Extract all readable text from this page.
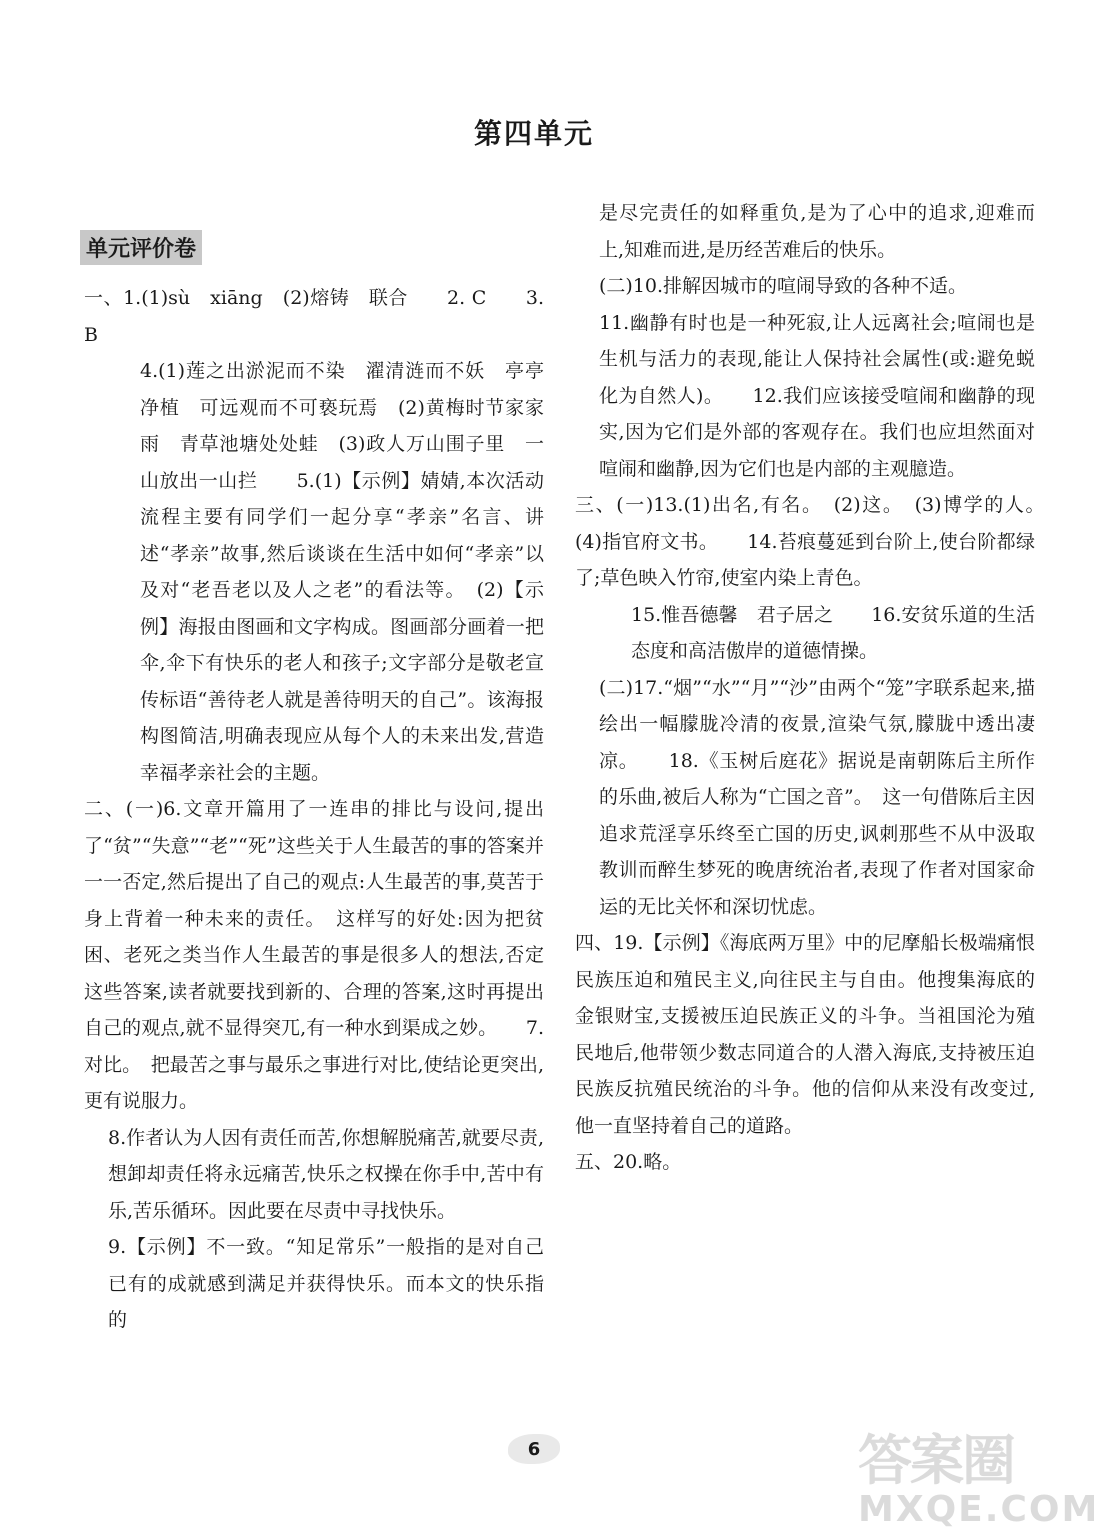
第四单元
单元评价卷

一、1.(1)sù　xiāng　(2)熔铸　联合　　2. C　　3. B

4.(1)莲之出淤泥而不染　濯清涟而不妖　亭亭净植　可远观而不可亵玩焉　(2)黄梅时节家家雨　青草池塘处处蛙　(3)政人万山围子里　一山放出一山拦　　5.(1)【示例】婧婧,本次活动流程主要有同学们一起分享“孝亲”名言、讲述“孝亲”故事,然后谈谈在生活中如何“孝亲”以及对“老吾老以及人之老”的看法等。　(2)【示例】海报由图画和文字构成。图画部分画着一把伞,伞下有快乐的老人和孩子;文字部分是敬老宣传标语“善待老人就是善待明天的自己”。该海报构图简洁,明确表现应从每个人的未来出发,营造幸福孝亲社会的主题。

二、(一)6.文章开篇用了一连串的排比与设问,提出了“贫”“失意”“老”“死”这些关于人生最苦的事的答案并一一否定,然后提出了自己的观点:人生最苦的事,莫苦于身上背着一种未来的责任。　这样写的好处:因为把贫困、老死之类当作人生最苦的事是很多人的想法,否定这些答案,读者就要找到新的、合理的答案,这时再提出自己的观点,就不显得突兀,有一种水到渠成之妙。　　7.对比。　把最苦之事与最乐之事进行对比,使结论更突出,更有说服力。

8.作者认为人因有责任而苦,你想解脱痛苦,就要尽责,想卸却责任将永远痛苦,快乐之权操在你手中,苦中有乐,苦乐循环。因此要在尽责中寻找快乐。

9.【示例】不一致。“知足常乐”一般指的是对自己已有的成就感到满足并获得快乐。而本文的快乐指的

是尽完责任的如释重负,是为了心中的追求,迎难而上,知难而进,是历经苦难后的快乐。

(二)10.排解因城市的喧闹导致的各种不适。

11.幽静有时也是一种死寂,让人远离社会;喧闹也是生机与活力的表现,能让人保持社会属性(或:避免蜕化为自然人)。　　12.我们应该接受喧闹和幽静的现实,因为它们是外部的客观存在。我们也应坦然面对喧闹和幽静,因为它们也是内部的主观臆造。

三、(一)13.(1)出名,有名。　(2)这。　(3)博学的人。　(4)指官府文书。　　14.苔痕蔓延到台阶上,使台阶都绿了;草色映入竹帘,使室内染上青色。

15.惟吾德馨　君子居之　　16.安贫乐道的生活态度和高洁傲岸的道德情操。

(二)17.“烟”“水”“月”“沙”由两个“笼”字联系起来,描绘出一幅朦胧冷清的夜景,渲染气氛,朦胧中透出凄凉。　　18.《玉树后庭花》据说是南朝陈后主所作的乐曲,被后人称为“亡国之音”。　这一句借陈后主因追求荒淫享乐终至亡国的历史,讽刺那些不从中汲取教训而醉生梦死的晚唐统治者,表现了作者对国家命运的无比关怀和深切忧虑。

四、19.【示例】《海底两万里》中的尼摩船长极端痛恨民族压迫和殖民主义,向往民主与自由。他搜集海底的金银财宝,支援被压迫民族正义的斗争。当祖国沦为殖民地后,他带领少数志同道合的人潜入海底,支持被压迫民族反抗殖民统治的斗争。他的信仰从来没有改变过,他一直坚持着自己的道路。

五、20.略。

6	答案圈
MXQE.COM
